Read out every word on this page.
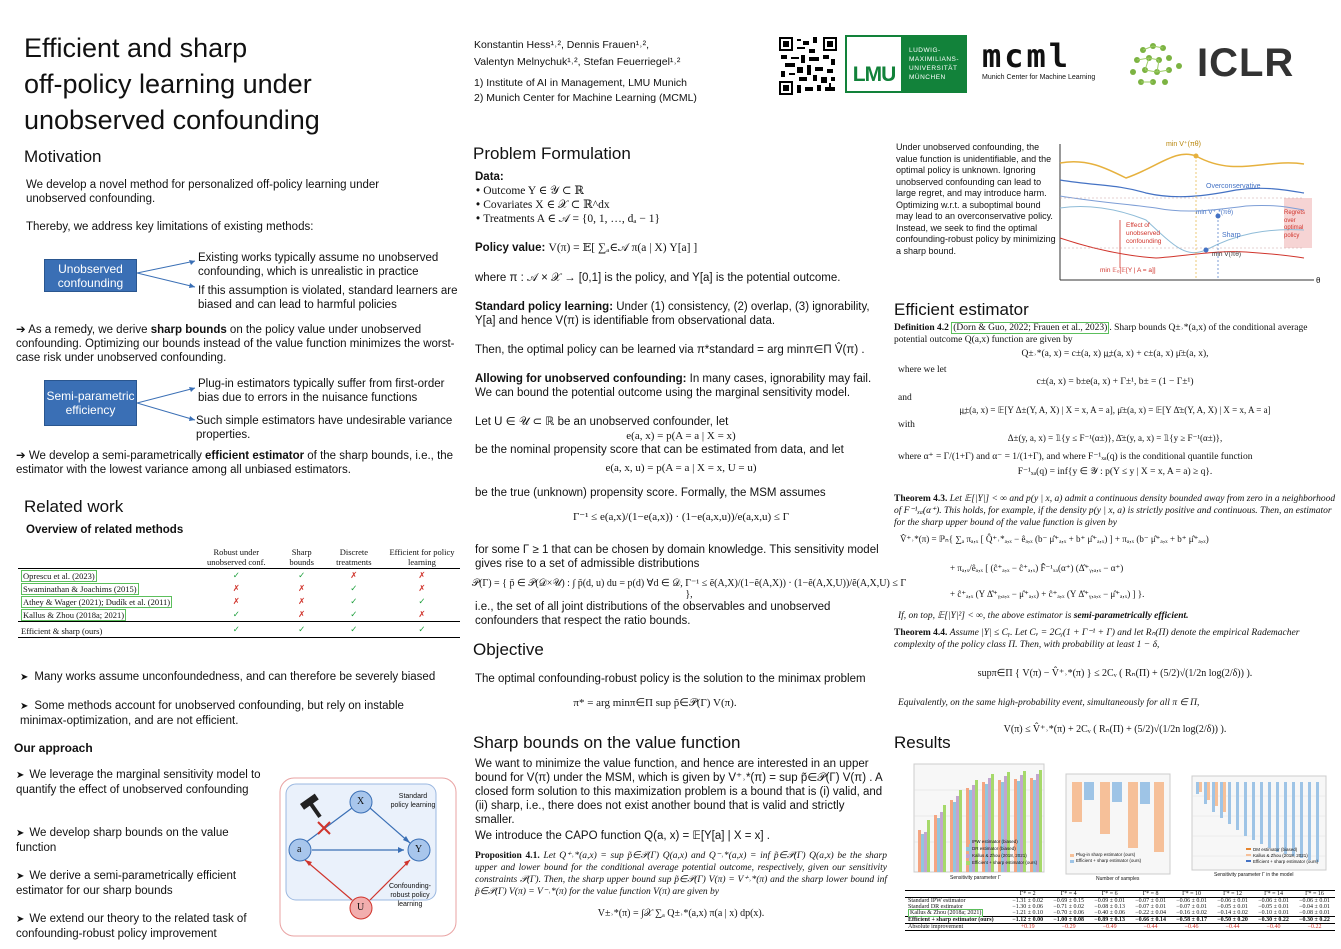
Efficient and sharp
off-policy learning under
unobserved confounding
Konstantin Hess¹˒², Dennis Frauen¹˒²,
Valentyn Melnychuk¹˒², Stefan Feuerriegel¹˒²
1) Institute of AI in Management, LMU Munich
2) Munich Center for Machine Learning (MCML)
LMU
LUDWIG-
MAXIMILIANS-
UNIVERSITÄT
MÜNCHEN
mcml
Munich Center for Machine Learning	ICLR
Motivation
We develop a novel method for personalized off-policy learning under unobserved confounding.
Thereby, we address key limitations of existing methods:
Unobserved confounding
Existing works typically assume no unobserved confounding, which is unrealistic in practice
If this assumption is violated, standard learners are biased and can lead to harmful policies
➔ As a remedy, we derive sharp bounds on the policy value under unobserved confounding. Optimizing our bounds instead of the value function minimizes the worst-case risk under unobserved confounding.
Semi-parametric efficiency
Plug-in estimators typically suffer from first-order bias due to errors in the nuisance functions
Such simple estimators have undesirable variance properties.
➔ We develop a semi-parametrically efficient estimator of the sharp bounds, i.e., the estimator with the lowest variance among all unbiased estimators.
Related work
Overview of related methods
	Robust under unobserved conf.	Sharp bounds	Discrete treatments	Efficient for policy learning
Oprescu et al. (2023)	✓	✓	✗	✗
Swaminathan & Joachims (2015)	✗	✗	✓	✗
Athey & Wager (2021); Dudík et al. (2011)	✗	✗	✓	✓
Kallus & Zhou (2018a; 2021)	✓	✗	✓	✗
Efficient & sharp (ours)	✓	✓	✓	✓
➤ Many works assume unconfoundedness, and can therefore be severely biased
➤ Some methods account for unobserved confounding, but rely on instable minimax-optimization, and are not efficient.
Our approach
➤ We leverage the marginal sensitivity model to quantify the effect of unobserved confounding
➤ We develop sharp bounds on the value function
➤ We derive a semi-parametrically efficient estimator for our sharp bounds
➤ We extend our theory to the related task of confounding-robust policy improvement
X
a	Y
U
Standard policy learning
Confounding-robust policy learning
Problem Formulation
Data:
• Outcome Y ∈ 𝒴 ⊂ ℝ
• Covariates X ∈ 𝒳 ⊂ ℝ^dx
• Treatments A ∈ 𝒜 = {0, 1, …, dₐ − 1}
Policy value: V(π) = 𝔼[ ∑ₐ∈𝒜 π(a | X) Y[a] ]
where π : 𝒜 × 𝒳 → [0,1] is the policy, and Y[a] is the potential outcome.
Standard policy learning: Under (1) consistency, (2) overlap, (3) ignorability, Y[a] and hence V(π) is identifiable from observational data.
Then, the optimal policy can be learned via π*standard = arg minπ∈Π V̂(π) .
Allowing for unobserved confounding: In many cases, ignorability may fail. We can bound the potential outcome using the marginal sensitivity model.
Let U ∈ 𝒰 ⊂ ℝ be an unobserved confounder, let
e(a, x) = p(A = a | X = x)
be the nominal propensity score that can be estimated from data, and let
e(a, x, u) = p(A = a | X = x, U = u)
be the true (unknown) propensity score. Formally, the MSM assumes
Γ⁻¹ ≤ e(a,x)/(1−e(a,x)) · (1−e(a,x,u))/e(a,x,u) ≤ Γ
for some Γ ≥ 1 that can be chosen by domain knowledge. This sensitivity model gives rise to a set of admissible distributions
𝒫(Γ) = { p̃ ∈ 𝒫(𝒟×𝒰) : ∫ p̃(d, u) du = p(d) ∀d ∈ 𝒟, Γ⁻¹ ≤ ẽ(A,X)/(1−ẽ(A,X)) · (1−ẽ(A,X,U))/ẽ(A,X,U) ≤ Γ },
i.e., the set of all joint distributions of the observables and unobserved confounders that respect the ratio bounds.
Objective
The optimal confounding-robust policy is the solution to the minimax problem
π* = arg minπ∈Π sup p̃∈𝒫(Γ) V(π).
Sharp bounds on the value function
We want to minimize the value function, and hence are interested in an upper bound for V(π) under the MSM, which is given by V⁺˒*(π) = sup p̃∈𝒫(Γ) V(π) . A closed form solution to this maximization problem is a bound that is (i) valid, and (ii) sharp, i.e., there does not exist another bound that is valid and strictly smaller.
We introduce the CAPO function Q(a, x) = 𝔼[Y[a] | X = x] .
Proposition 4.1. Let Q⁺˒*(a,x) = sup p̃∈𝒫(Γ) Q(a,x) and Q⁻˒*(a,x) = inf p̃∈𝒫(Γ) Q(a,x) be the sharp upper and lower bound for the conditional average potential outcome, respectively, given our sensitivity constraints 𝒫(Γ). Then, the sharp upper bound sup p̃∈𝒫(Γ) V(π) = V⁺˒*(π) and the sharp lower bound inf p̃∈𝒫(Γ) V(π) = V⁻˒*(π) for the value function V(π) are given by
V±˒*(π) = ∫𝒳 ∑ₐ Q±˒*(a,x) π(a | x) dp(x).
Under unobserved confounding, the value function is unidentifiable, and the optimal policy is unknown. Ignoring unobserved confounding can lead to large regret, and may introduce harm. Optimizing w.r.t. a suboptimal bound may lead to an overconservative policy. Instead, we seek to find the optimal confounding-robust policy by minimizing a sharp bound.
min V⁺(πθ)
Overconservative
Effect of unobserved confounding
Sharp
Regrets over optimal policy
min V⁺˒*(πθ)
min V(πθ)
min 𝔼ₒ[𝔼[Y | A = a]]
θ
Efficient estimator
Definition 4.2 (Dorn & Guo, 2022; Frauen et al., 2023) . Sharp bounds Q±˒*(a,x) of the conditional average potential outcome Q(a,x) function are given by
Q±˒*(a, x) = c±(a, x) μ̲±(a, x) + c±(a, x) μ̄±(a, x),
where we let
c±(a, x) = b±e(a, x) + Γ±¹, b± = (1 − Γ±¹)
and
μ̲±(a, x) = 𝔼[Y Δ±(Y, A, X) | X = x, A = a], μ̄±(a, x) = 𝔼[Y Δ̄±(Y, A, X) | X = x, A = a]
with
Δ±(y, a, x) = 𝟙{y ≤ F⁻¹(α±)}, Δ̄±(y, a, x) = 𝟙{y ≥ F⁻¹(α±)},
where α⁺ = Γ/(1+Γ) and α⁻ = 1/(1+Γ), and where F⁻¹ₓₐ(q) is the conditional quantile function
F⁻¹ₓₐ(q) = inf{y ∈ 𝒴 : p(Y ≤ y | X = x, A = a) ≥ q}.
Theorem 4.3. Let 𝔼[|Y|] < ∞ and p(y | x, a) admit a continuous density bounded away from zero in a neighborhood of F⁻¹ₓₐ(α⁺). This holds, for example, if the density p(y | x, a) is strictly positive and continuous. Then, an estimator for the sharp upper bound of the value function is given by
V̂⁺˒*(π) = ℙₙ{ ∑ₐ πₐ,ₓ [ Q̂⁺˒*ₐ,ₓ − êₐ,ₓ (b⁻ μ̂⁺ₐ,ₓ + b⁺ μ̂⁺ₐ,ₓ) ] + πₐ,ₓ (b⁻ μ̂⁺ₐ,ₓ + b⁺ μ̂⁺ₐ,ₓ)
+ πₐ,ₓ/êₐ,ₓ [ (ĉ⁺ₐ,ₓ − ĉ⁺ₐ,ₓ) F̂⁻¹ₓₐ(α⁺) (Δ̂⁺ᵧ,ₐ,ₓ − α⁺)
+ ĉ⁺ₐ,ₓ (Y Δ̂⁺ᵧ,ₐ,ₓ − μ̂⁺ₐ,ₓ) + ĉ⁺ₐ,ₓ (Y Δ̂⁺ᵧ,ₐ,ₓ − μ̂⁺ₐ,ₓ) ] }.
If, on top, 𝔼[|Y|²] < ∞, the above estimator is semi-parametrically efficient.
Theorem 4.4. Assume |Y| ≤ Cᵧ. Let Cᵥ = 2Cᵧ(1 + Γ⁻¹ + Γ) and let Rₙ(Π) denote the empirical Rademacher complexity of the policy class Π. Then, with probability at least 1 − δ,
supπ∈Π { V(π) − V̂⁺˒*(π) } ≤ 2Cᵥ ( Rₙ(Π) + (5/2)√(1/2n log(2/δ)) ).
Equivalently, on the same high-probability event, simultaneously for all π ∈ Π,
V(π) ≤ V̂⁺˒*(π) + 2Cᵥ ( Rₙ(Π) + (5/2)√(1/2n log(2/δ)) ).
Results
IPW estimator (biased)
DR estimator (biased)
Kallus & Zhou (2018, 2021)
Efficient + sharp estimator (ours)
Sensitivity parameter Γ
Plug-in sharp estimator (ours)
Efficient + sharp estimator (ours)
Number of samples
DM estimator (biased)
Kallus & Zhou (2018, 2021)
Efficient + sharp estimator (ours)
Sensitivity parameter Γ in the model
	Γ* = 2	Γ* = 4	Γ* = 6	Γ* = 8	Γ* = 10	Γ* = 12	Γ* = 14	Γ* = 16
Standard IPW estimator	−1.31 ± 0.02	−0.69 ± 0.15	−0.09 ± 0.01	−0.07 ± 0.01	−0.06 ± 0.01	−0.06 ± 0.01	−0.06 ± 0.01	−0.06 ± 0.01
Standard DR estimator	−1.30 ± 0.06	−0.71 ± 0.02	−0.08 ± 0.13	−0.07 ± 0.01	−0.07 ± 0.01	−0.05 ± 0.01	−0.05 ± 0.01	−0.04 ± 0.01
Kallus & Zhou (2018a; 2021)	−1.21 ± 0.10	−0.70 ± 0.06	−0.40 ± 0.06	−0.22 ± 0.04	−0.16 ± 0.02	−0.14 ± 0.02	−0.10 ± 0.01	−0.08 ± 0.01
Efficient + sharp estimator (ours)	−1.12 ± 0.00	−1.00 ± 0.08	−0.89 ± 0.13	−0.66 ± 0.14	−0.58 ± 0.17	−0.50 ± 0.20	−0.30 ± 0.22	−0.30 ± 0.22
Absolute improvement	+0.19	−0.29	−0.49	−0.44	−0.46	−0.44	−0.40	−0.22
